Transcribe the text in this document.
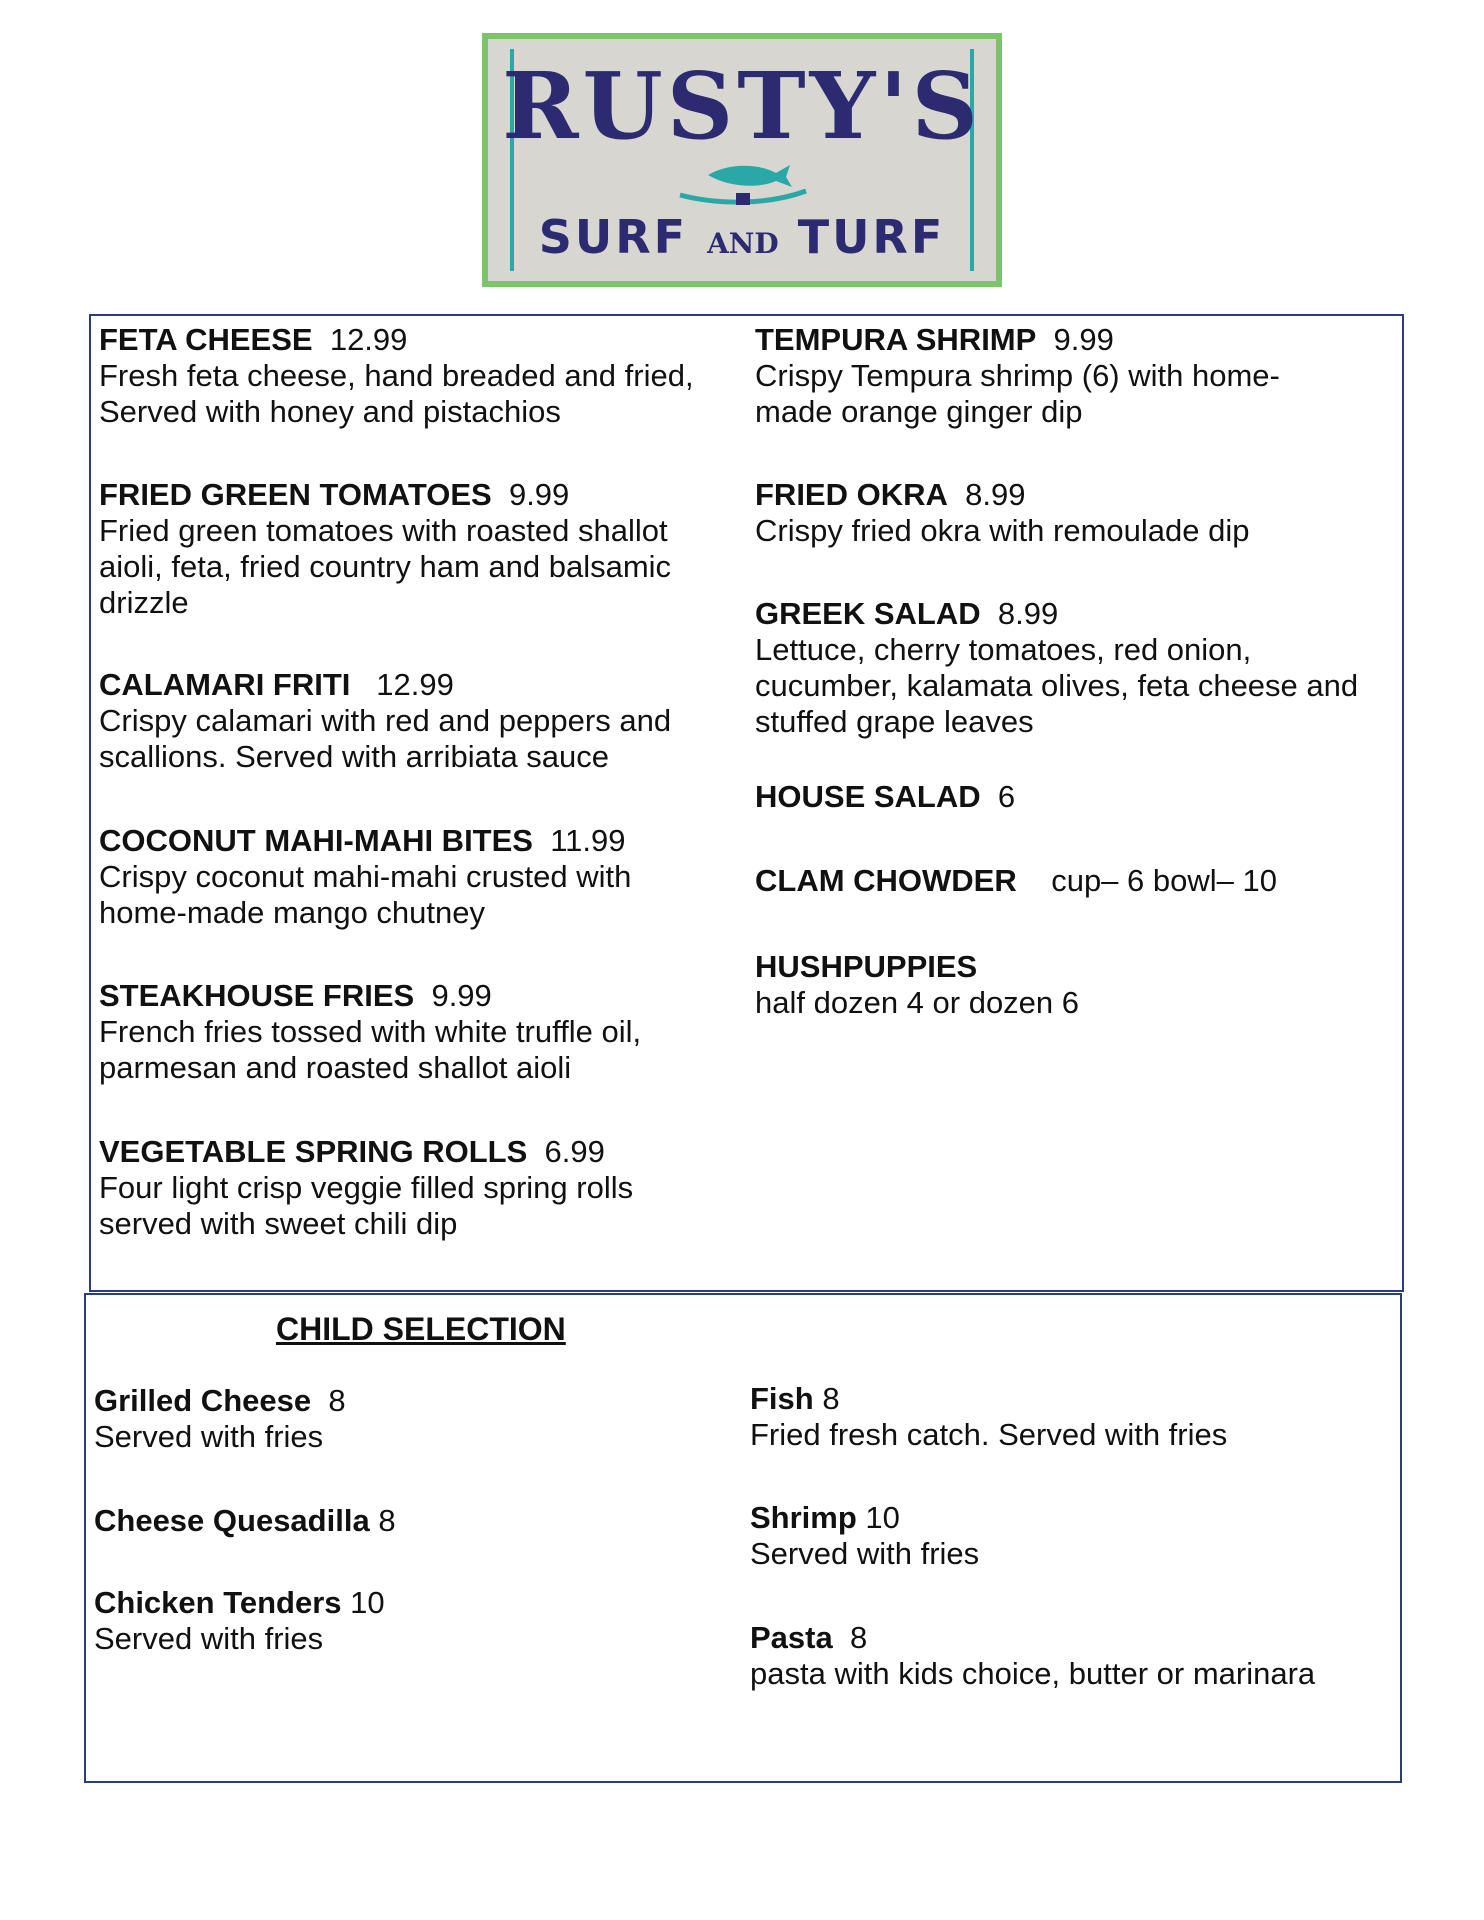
RUSTY'S
SURF AND TURF
FETA CHEESE 12.99
Fresh feta cheese, hand breaded and fried,
Served with honey and pistachios
FRIED GREEN TOMATOES 9.99
Fried green tomatoes with roasted shallot
aioli, feta, fried country ham and balsamic
drizzle
CALAMARI FRITI 12.99
Crispy calamari with red and peppers and
scallions. Served with arribiata sauce
COCONUT MAHI-MAHI BITES 11.99
Crispy coconut mahi-mahi crusted with
home-made mango chutney
STEAKHOUSE FRIES 9.99
French fries tossed with white truffle oil,
parmesan and roasted shallot aioli
VEGETABLE SPRING ROLLS 6.99
Four light crisp veggie filled spring rolls
served with sweet chili dip
TEMPURA SHRIMP 9.99
Crispy Tempura shrimp (6) with home-
made orange ginger dip
FRIED OKRA 8.99
Crispy fried okra with remoulade dip
GREEK SALAD 8.99
Lettuce, cherry tomatoes, red onion,
cucumber, kalamata olives, feta cheese and
stuffed grape leaves
HOUSE SALAD 6
CLAM CHOWDER cup– 6 bowl– 10
HUSHPUPPIES
half dozen 4 or dozen 6
CHILD SELECTION
Grilled Cheese 8
Served with fries
Cheese Quesadilla 8
Chicken Tenders 10
Served with fries
Fish 8
Fried fresh catch. Served with fries
Shrimp 10
Served with fries
Pasta 8
pasta with kids choice, butter or marinara
